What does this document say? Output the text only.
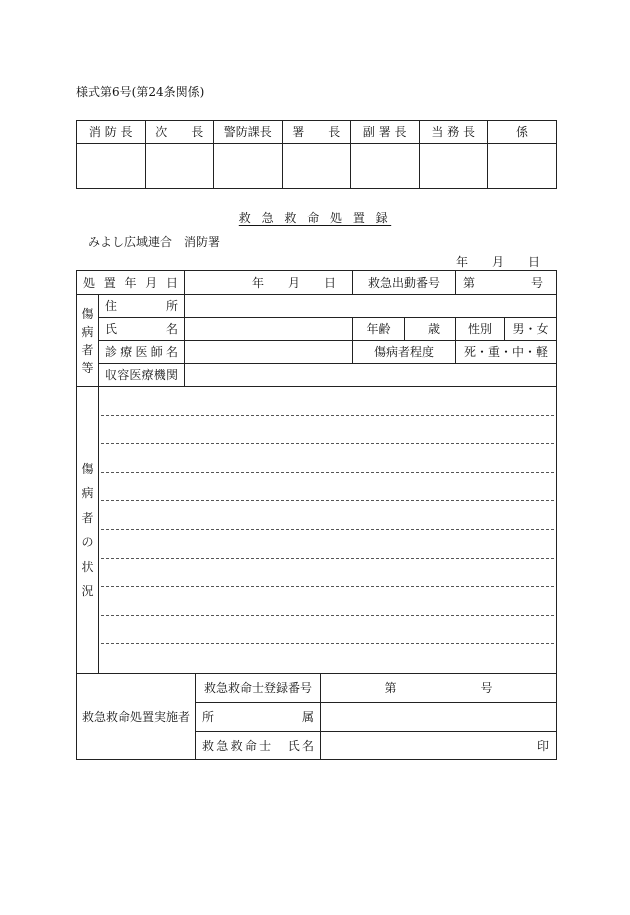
様式第6号(第24条関係)
消 防 長	次　　長	警防課長	署　　長	副 署 長	当 務 長	係

救 急 救 命 処 置 録
みよし広域連合　消防署
年　　月　　日
処 置 年 月 日		年　　月　　日			救急出動番号		第　　　　号	
傷病者等	住　　　所							
	氏　　　名				年齢	歳	性別	男・女
	診療医師名				傷病者程度		死・重・中・軽	
	収容医療機関							
傷病者の状況								

救急救命処置実施者			救急救命士登録番号	第　　　　　　　号				
			所　　　属					
			救急救命士　氏名	印				
